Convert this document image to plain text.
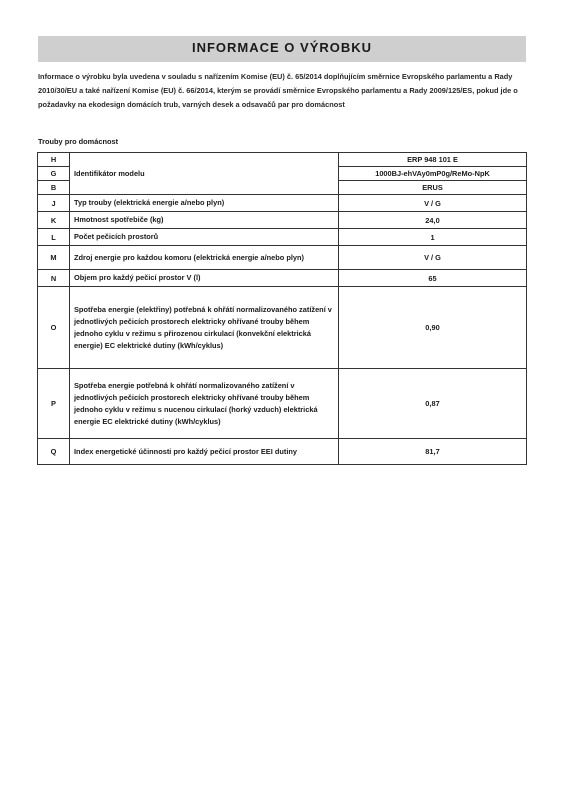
INFORMACE O VÝROBKU
Informace o výrobku byla uvedena v souladu s nařízením Komise (EU) č. 65/2014 doplňujícím směrnice Evropského parlamentu a Rady 2010/30/EU a také nařízení Komise (EU) č. 66/2014, kterým se provádí směrnice Evropského parlamentu a Rady 2009/125/ES, pokud jde o požadavky na ekodesign domácích trub, varných desek a odsavačů par pro domácnost
Trouby pro domácnost
H	Identifikátor modelu	ERP 948 101 E
G		1000BJ-ehVAy0mP0g/ReMo-NpK
B		ERUS
J	Typ trouby (elektrická energie a/nebo plyn)	V / G
K	Hmotnost spotřebiče (kg)	24,0
L	Počet pečicích prostorů	1
M	Zdroj energie pro každou komoru (elektrická energie a/nebo plyn)	V / G
N	Objem pro každý pečicí prostor V (l)	65
O	Spotřeba energie (elektřiny) potřebná k ohřátí normalizovaného zatížení v jednotlivých pečicích prostorech elektricky ohřívané trouby během jednoho cyklu v režimu s přirozenou cirkulací (konvekční elektrická energie) EC elektrické dutiny (kWh/cyklus)	0,90
P	Spotřeba energie potřebná k ohřátí normalizovaného zatížení v jednotlivých pečicích prostorech elektricky ohřívané trouby během jednoho cyklu v režimu s nucenou cirkulací (horký vzduch) elektrická energie EC elektrické dutiny (kWh/cyklus)	0,87
Q	Index energetické účinnosti pro každý pečicí prostor EEI dutiny	81,7
